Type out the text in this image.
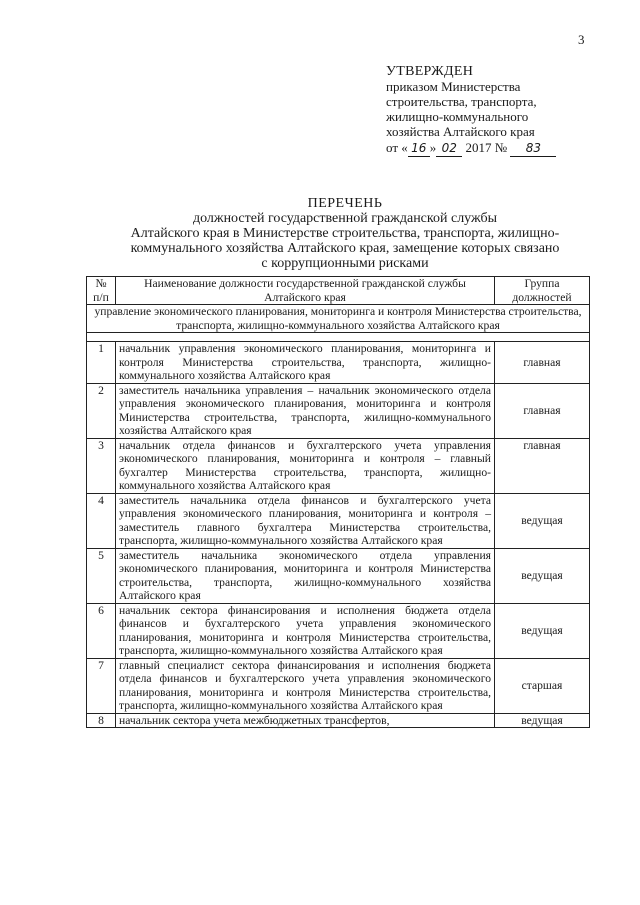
3
УТВЕРЖДЕН
приказом Министерства
строительства, транспорта,
жилищно-коммунального
хозяйства Алтайского края
от « 16 » 02 2017 № 83
ПЕРЕЧЕНЬ
должностей государственной гражданской службы
Алтайского края в Министерстве строительства, транспорта, жилищно-
коммунального хозяйства Алтайского края, замещение которых связано
с коррупционными рисками
№ п/п	Наименование должности государственной гражданской службы Алтайского края	Группа должностей
управление экономического планирования, мониторинга и контроля Министерства строительства, транспорта, жилищно-коммунального хозяйства Алтайского края		

1	начальник управления экономического планирования, мониторинга и контроля Министерства строительства, транспорта, жилищно-коммунального хозяйства Алтайского края	главная
2	заместитель начальника управления – начальник экономического отдела управления экономического планирования, мониторинга и контроля Министерства строительства, транспорта, жилищно-коммунального хозяйства Алтайского края	главная
3	начальник отдела финансов и бухгалтерского учета управления экономического планирования, мониторинга и контроля – главный бухгалтер Министерства строительства, транспорта, жилищно-коммунального хозяйства Алтайского края	главная
4	заместитель начальника отдела финансов и бухгалтерского учета управления экономического планирования, мониторинга и контроля – заместитель главного бухгалтера Министерства строительства, транспорта, жилищно-коммунального хозяйства Алтайского края	ведущая
5	заместитель начальника экономического отдела управления экономического планирования, мониторинга и контроля Министерства строительства, транспорта, жилищно-коммунального хозяйства Алтайского края	ведущая
6	начальник сектора финансирования и исполнения бюджета отдела финансов и бухгалтерского учета управления экономического планирования, мониторинга и контроля Министерства строительства, транспорта, жилищно-коммунального хозяйства Алтайского края	ведущая
7	главный специалист сектора финансирования и исполнения бюджета отдела финансов и бухгалтерского учета управления экономического планирования, мониторинга и контроля Министерства строительства, транспорта, жилищно-коммунального хозяйства Алтайского края	старшая
8	начальник сектора учета межбюджетных трансфертов,	ведущая
